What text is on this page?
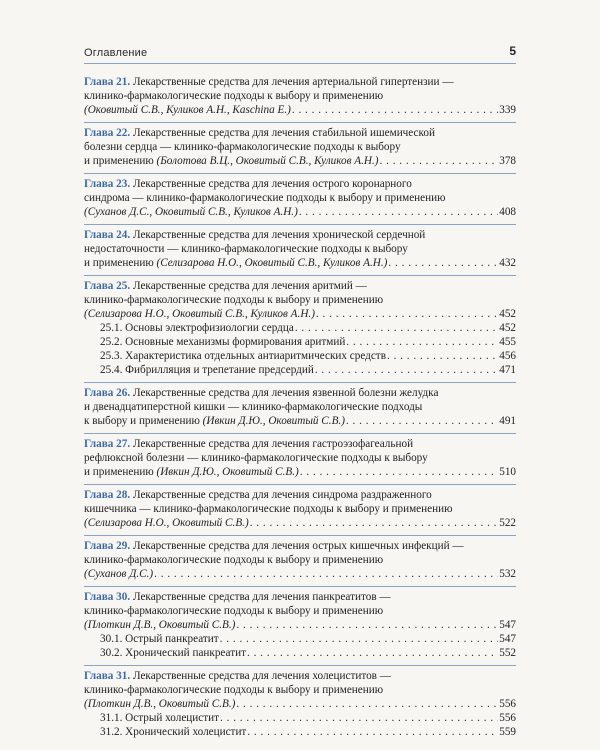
Оглавление	5
Глава 21. Лекарственные средства для лечения артериальной гипертензии —
клинико-фармакологические подходы к выбору и применению
(Оковитый С.В., Куликов А.Н., Kaschina E.) . . .	339
Глава 22. Лекарственные средства для лечения стабильной ишемической
болезни сердца — клинико-фармакологические подходы к выбору
и применению (Болотова В.Ц., Оковитый С.В., Куликов А.Н.) . . .	378
Глава 23. Лекарственные средства для лечения острого коронарного
синдрома — клинико-фармакологические подходы к выбору и применению
(Суханов Д.С., Оковитый С.В., Куликов А.Н.) . . .	408
Глава 24. Лекарственные средства для лечения хронической сердечной
недостаточности — клинико-фармакологические подходы к выбору
и применению (Селизарова Н.О., Оковитый С.В., Куликов А.Н.) . . .	432
Глава 25. Лекарственные средства для лечения аритмий —
клинико-фармакологические подходы к выбору и применению
(Селизарова Н.О., Оковитый С.В., Куликов А.Н.) . . .	452
25.1. Основы электрофизиологии сердца . . .	452
25.2. Основные механизмы формирования аритмий . . .	455
25.3. Характеристика отдельных антиаритмических средств . . .	456
25.4. Фибрилляция и трепетание предсердий . . .	471
Глава 26. Лекарственные средства для лечения язвенной болезни желудка
и двенадцатиперстной кишки — клинико-фармакологические подходы
к выбору и применению (Ивкин Д.Ю., Оковитый С.В.) . . .	491
Глава 27. Лекарственные средства для лечения гастроэзофагеальной
рефлюксной болезни — клинико-фармакологические подходы к выбору
и применению (Ивкин Д.Ю., Оковитый С.В.) . . .	510
Глава 28. Лекарственные средства для лечения синдрома раздраженного
кишечника — клинико-фармакологические подходы к выбору и применению
(Селизарова Н.О., Оковитый С.В.) . . .	522
Глава 29. Лекарственные средства для лечения острых кишечных инфекций —
клинико-фармакологические подходы к выбору и применению
(Суханов Д.С.) . . .	532
Глава 30. Лекарственные средства для лечения панкреатитов —
клинико-фармакологические подходы к выбору и применению
(Плоткин Д.В., Оковитый С.В.) . . .	547
30.1. Острый панкреатит . . .	547
30.2. Хронический панкреатит . . .	552
Глава 31. Лекарственные средства для лечения холециститов —
клинико-фармакологические подходы к выбору и применению
(Плоткин Д.В., Оковитый С.В.) . . .	556
31.1. Острый холецистит . . .	556
31.2. Хронический холецистит . . .	559
